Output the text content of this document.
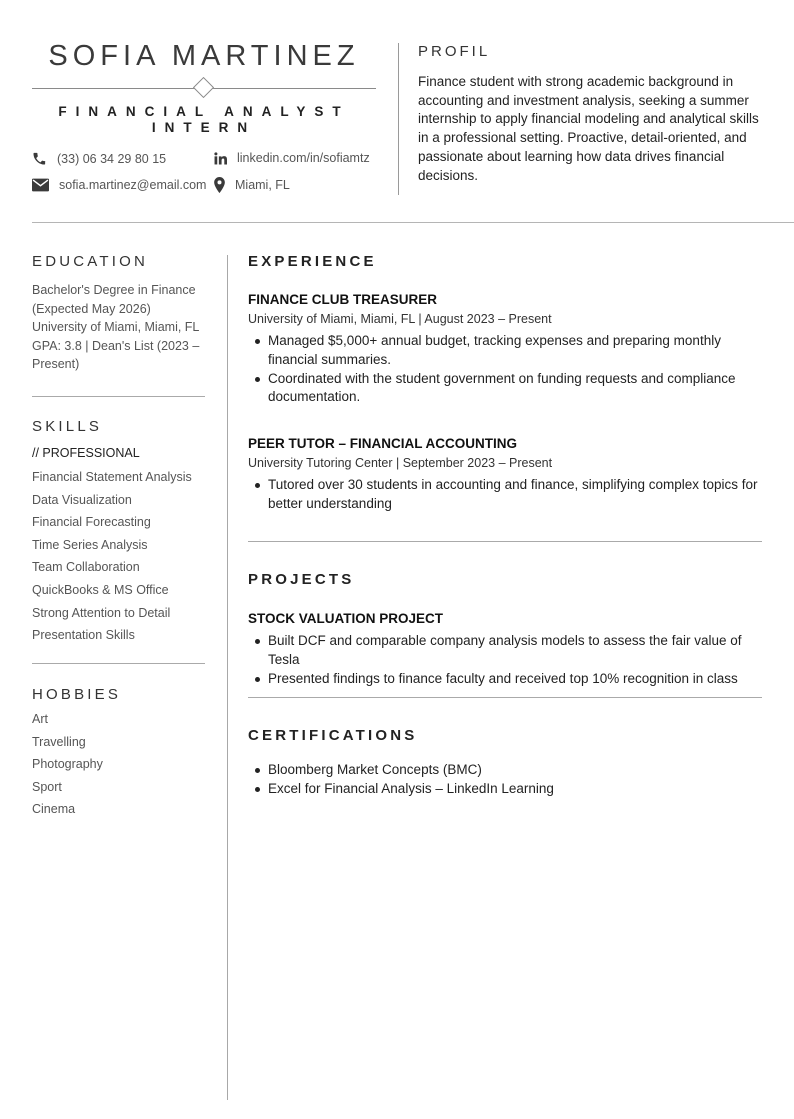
SOFIA MARTINEZ
FINANCIAL ANALYST INTERN
(33) 06 34 29 80 15	linkedin.com/in/sofiamtz
sofia.martinez@email.com Miami, FL
PROFIL
Finance student with strong academic background in accounting and investment analysis, seeking a summer internship to apply financial modeling and analytical skills in a professional setting. Proactive, detail-oriented, and passionate about learning how data drives financial decisions.
EDUCATION
Bachelor's Degree in Finance
(Expected May 2026)
University of Miami, Miami, FL
GPA: 3.8 | Dean's List (2023 –
Present)
SKILLS
// PROFESSIONAL
Financial Statement Analysis
Data Visualization
Financial Forecasting
Time Series Analysis
Team Collaboration
QuickBooks & MS Office
Strong Attention to Detail
Presentation Skills
HOBBIES
Art
Travelling
Photography
Sport
Cinema
EXPERIENCE
FINANCE CLUB TREASURER
University of Miami, Miami, FL | August 2023 – Present
Managed $5,000+ annual budget, tracking expenses and preparing monthly financial summaries.
Coordinated with the student government on funding requests and compliance documentation.
PEER TUTOR – FINANCIAL ACCOUNTING
University Tutoring Center | September 2023 – Present
Tutored over 30 students in accounting and finance, simplifying complex topics for better understanding
PROJECTS
STOCK VALUATION PROJECT
Built DCF and comparable company analysis models to assess the fair value of Tesla
Presented findings to finance faculty and received top 10% recognition in class
CERTIFICATIONS
Bloomberg Market Concepts (BMC)
Excel for Financial Analysis – LinkedIn Learning
